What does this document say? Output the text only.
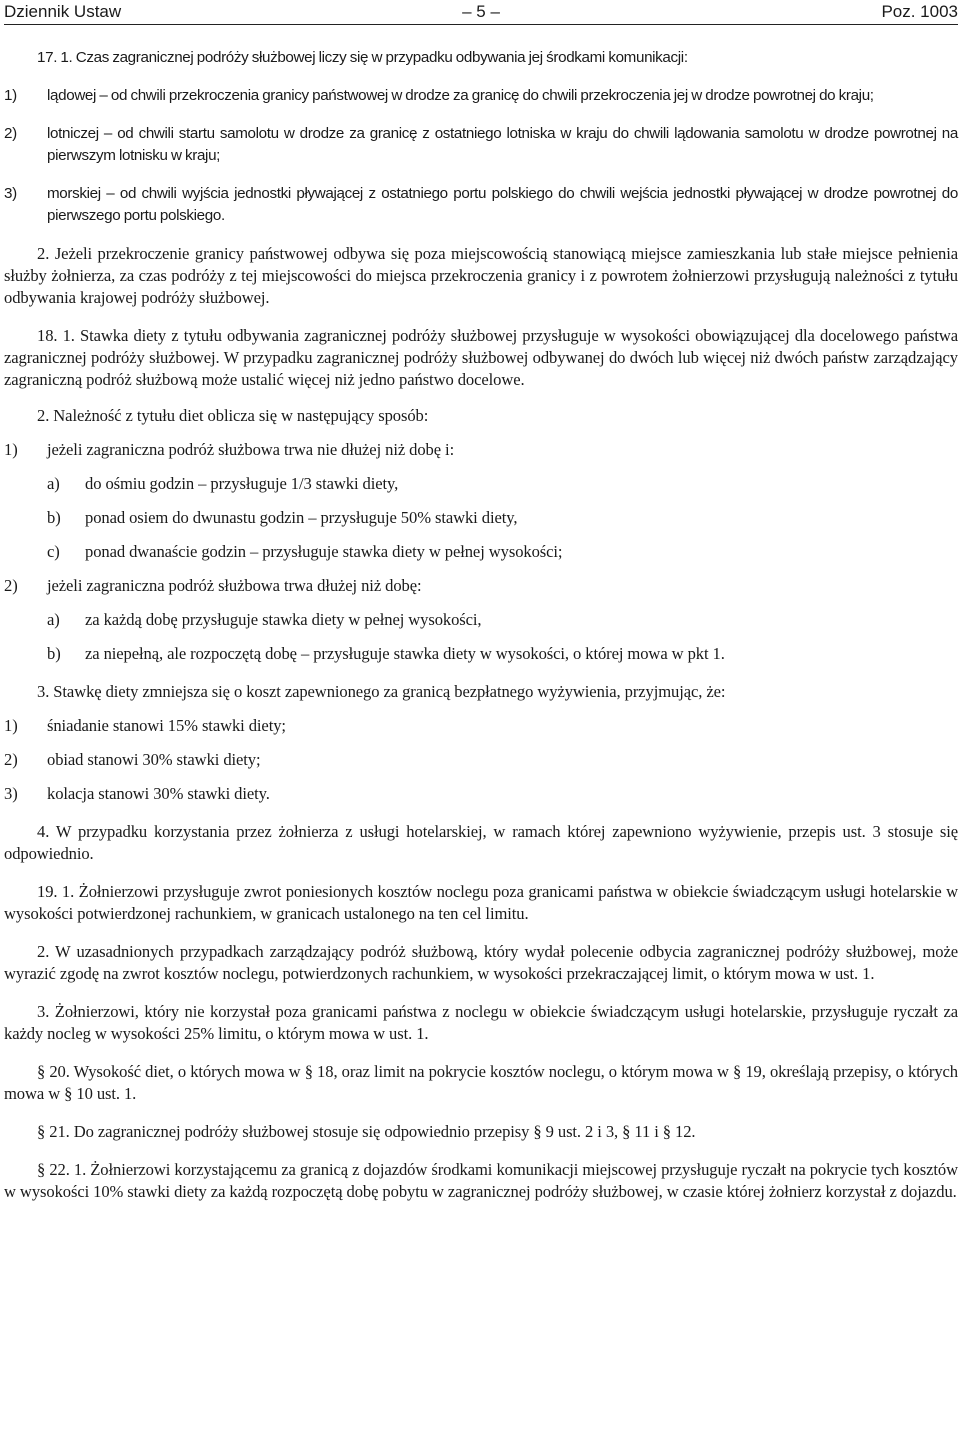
Dziennik Ustaw	– 5 –	Poz. 1003

17. 1. Czas zagranicznej podróży służbowej liczy się w przypadku odbywania jej środkami komunikacji:

1) lądowej – od chwili przekroczenia granicy państwowej w drodze za granicę do chwili przekroczenia jej w drodze powrotnej do kraju;
2) lotniczej – od chwili startu samolotu w drodze za granicę z ostatniego lotniska w kraju do chwili lądowania samolotu w drodze powrotnej na pierwszym lotnisku w kraju;
3) morskiej – od chwili wyjścia jednostki pływającej z ostatniego portu polskiego do chwili wejścia jednostki pływającej w drodze powrotnej do pierwszego portu polskiego.

2. Jeżeli przekroczenie granicy państwowej odbywa się poza miejscowością stanowiącą miejsce zamieszkania lub stałe miejsce pełnienia służby żołnierza, za czas podróży z tej miejscowości do miejsca przekroczenia granicy i z powrotem żołnierzowi przysługują należności z tytułu odbywania krajowej podróży służbowej.

18. 1. Stawka diety z tytułu odbywania zagranicznej podróży służbowej przysługuje w wysokości obowiązującej dla docelowego państwa zagranicznej podróży służbowej. W przypadku zagranicznej podróży służbowej odbywanej do dwóch lub więcej niż dwóch państw zarządzający zagraniczną podróż służbową może ustalić więcej niż jedno państwo docelowe.

2. Należność z tytułu diet oblicza się w następujący sposób:

1) jeżeli zagraniczna podróż służbowa trwa nie dłużej niż dobę i:
a) do ośmiu godzin – przysługuje 1/3 stawki diety,
b) ponad osiem do dwunastu godzin – przysługuje 50% stawki diety,
c) ponad dwanaście godzin – przysługuje stawka diety w pełnej wysokości;
2) jeżeli zagraniczna podróż służbowa trwa dłużej niż dobę:
a) za każdą dobę przysługuje stawka diety w pełnej wysokości,
b) za niepełną, ale rozpoczętą dobę – przysługuje stawka diety w wysokości, o której mowa w pkt 1.

3. Stawkę diety zmniejsza się o koszt zapewnionego za granicą bezpłatnego wyżywienia, przyjmując, że:

1) śniadanie stanowi 15% stawki diety;
2) obiad stanowi 30% stawki diety;
3) kolacja stanowi 30% stawki diety.

4. W przypadku korzystania przez żołnierza z usługi hotelarskiej, w ramach której zapewniono wyżywienie, przepis ust. 3 stosuje się odpowiednio.

19. 1. Żołnierzowi przysługuje zwrot poniesionych kosztów noclegu poza granicami państwa w obiekcie świadczącym usługi hotelarskie w wysokości potwierdzonej rachunkiem, w granicach ustalonego na ten cel limitu.

2. W uzasadnionych przypadkach zarządzający podróż służbową, który wydał polecenie odbycia zagranicznej podróży służbowej, może wyrazić zgodę na zwrot kosztów noclegu, potwierdzonych rachunkiem, w wysokości przekraczającej limit, o którym mowa w ust. 1.

3. Żołnierzowi, który nie korzystał poza granicami państwa z noclegu w obiekcie świadczącym usługi hotelarskie, przysługuje ryczałt za każdy nocleg w wysokości 25% limitu, o którym mowa w ust. 1.

§ 20. Wysokość diet, o których mowa w § 18, oraz limit na pokrycie kosztów noclegu, o którym mowa w § 19, określają przepisy, o których mowa w § 10 ust. 1.

§ 21. Do zagranicznej podróży służbowej stosuje się odpowiednio przepisy § 9 ust. 2 i 3, § 11 i § 12.

§ 22. 1. Żołnierzowi korzystającemu za granicą z dojazdów środkami komunikacji miejscowej przysługuje ryczałt na pokrycie tych kosztów w wysokości 10% stawki diety za każdą rozpoczętą dobę pobytu w zagranicznej podróży służbowej, w czasie której żołnierz korzystał z dojazdu.
